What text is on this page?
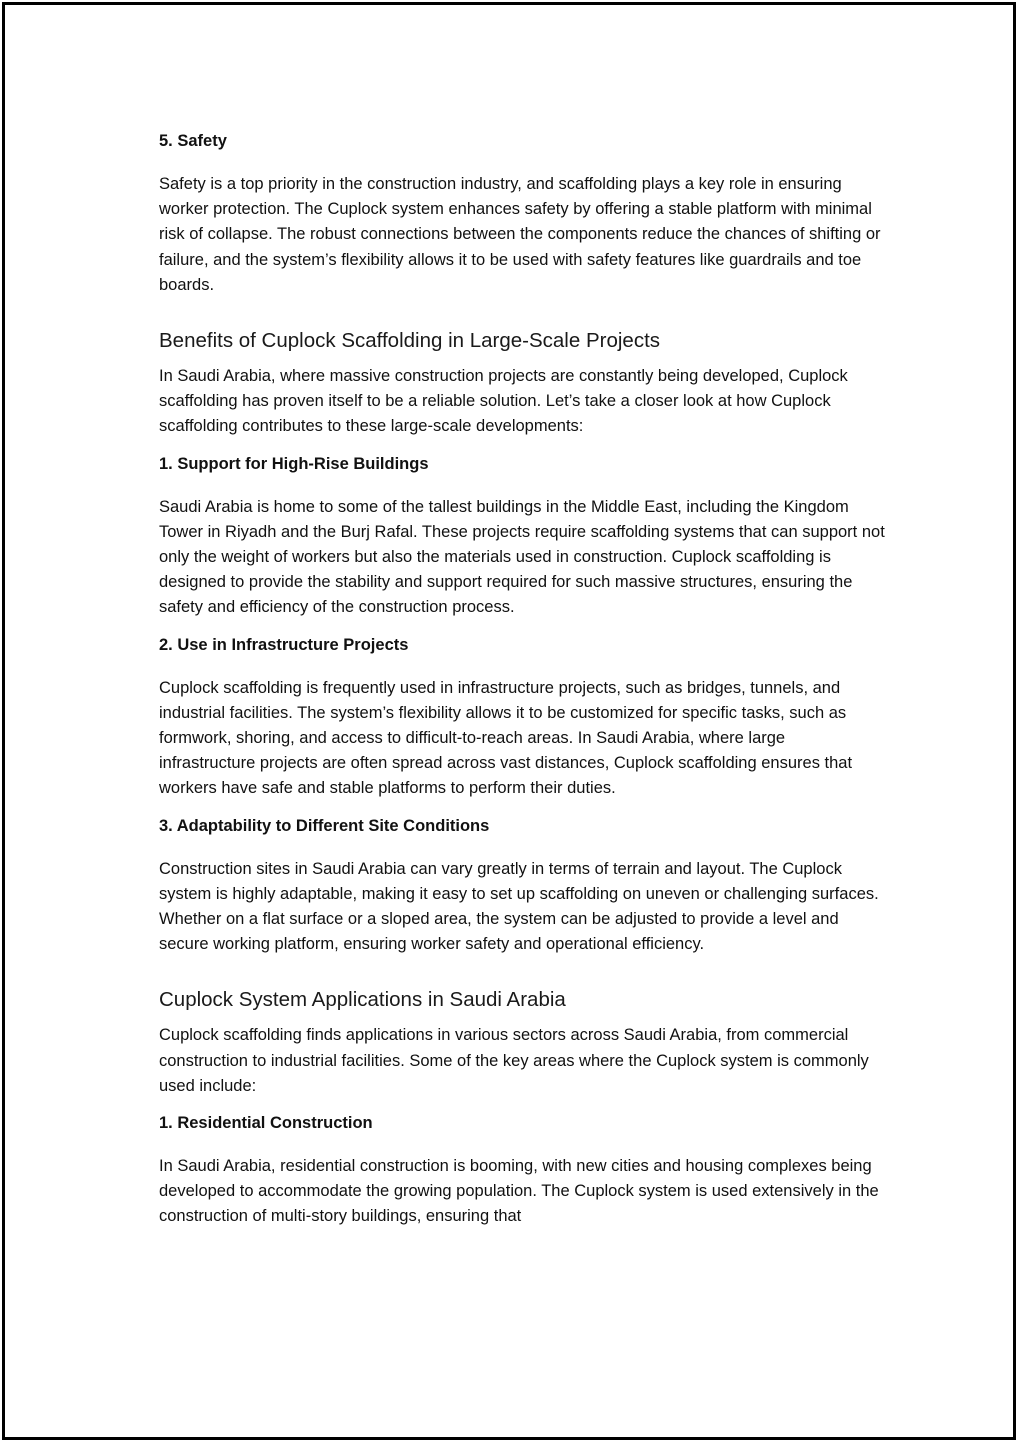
5. Safety

Safety is a top priority in the construction industry, and scaffolding plays a key role in ensuring worker protection. The Cuplock system enhances safety by offering a stable platform with minimal risk of collapse. The robust connections between the components reduce the chances of shifting or failure, and the system’s flexibility allows it to be used with safety features like guardrails and toe boards.

Benefits of Cuplock Scaffolding in Large-Scale Projects

In Saudi Arabia, where massive construction projects are constantly being developed, Cuplock scaffolding has proven itself to be a reliable solution. Let’s take a closer look at how Cuplock scaffolding contributes to these large-scale developments:

1. Support for High-Rise Buildings

Saudi Arabia is home to some of the tallest buildings in the Middle East, including the Kingdom Tower in Riyadh and the Burj Rafal. These projects require scaffolding systems that can support not only the weight of workers but also the materials used in construction. Cuplock scaffolding is designed to provide the stability and support required for such massive structures, ensuring the safety and efficiency of the construction process.

2. Use in Infrastructure Projects

Cuplock scaffolding is frequently used in infrastructure projects, such as bridges, tunnels, and industrial facilities. The system’s flexibility allows it to be customized for specific tasks, such as formwork, shoring, and access to difficult-to-reach areas. In Saudi Arabia, where large infrastructure projects are often spread across vast distances, Cuplock scaffolding ensures that workers have safe and stable platforms to perform their duties.

3. Adaptability to Different Site Conditions

Construction sites in Saudi Arabia can vary greatly in terms of terrain and layout. The Cuplock system is highly adaptable, making it easy to set up scaffolding on uneven or challenging surfaces. Whether on a flat surface or a sloped area, the system can be adjusted to provide a level and secure working platform, ensuring worker safety and operational efficiency.

Cuplock System Applications in Saudi Arabia

Cuplock scaffolding finds applications in various sectors across Saudi Arabia, from commercial construction to industrial facilities. Some of the key areas where the Cuplock system is commonly used include:

1. Residential Construction

In Saudi Arabia, residential construction is booming, with new cities and housing complexes being developed to accommodate the growing population. The Cuplock system is used extensively in the construction of multi-story buildings, ensuring that
